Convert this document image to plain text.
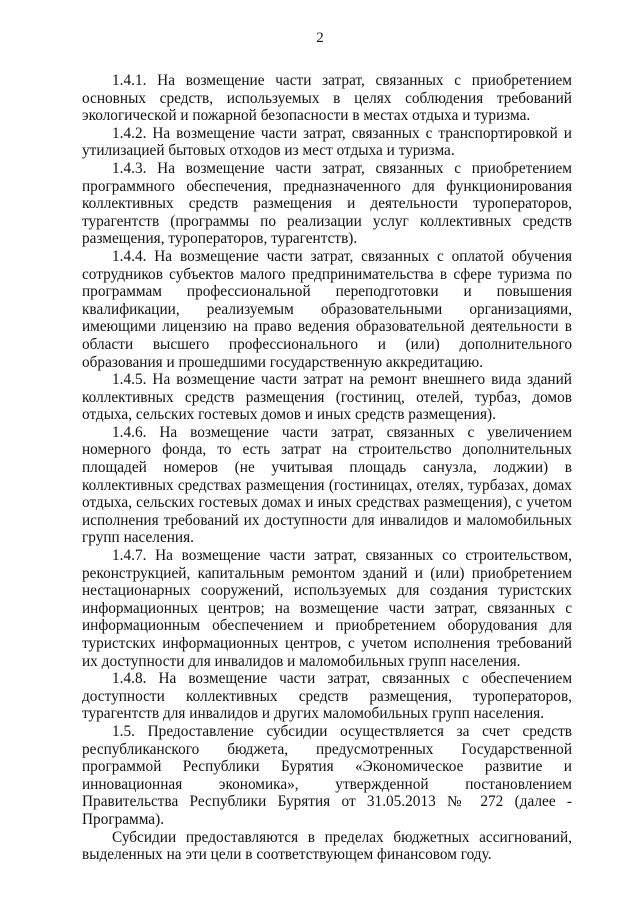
2

1.4.1. На возмещение части затрат, связанных с приобретением основных средств, используемых в целях соблюдения требований экологической и пожарной безопасности в местах отдыха и туризма.

1.4.2. На возмещение части затрат, связанных с транспортировкой и утилизацией бытовых отходов из мест отдыха и туризма.

1.4.3. На возмещение части затрат, связанных с приобретением программного обеспечения, предназначенного для функционирования коллективных средств размещения и деятельности туроператоров, турагентств (программы по реализации услуг коллективных средств размещения, туроператоров, турагентств).

1.4.4. На возмещение части затрат, связанных с оплатой обучения сотрудников субъектов малого предпринимательства в сфере туризма по программам профессиональной переподготовки и повышения квалификации, реализуемым образовательными организациями, имеющими лицензию на право ведения образовательной деятельности в области высшего профессионального и (или) дополнительного образования и прошедшими государственную аккредитацию.

1.4.5. На возмещение части затрат на ремонт внешнего вида зданий коллективных средств размещения (гостиниц, отелей, турбаз, домов отдыха, сельских гостевых домов и иных средств размещения).

1.4.6. На возмещение части затрат, связанных с увеличением номерного фонда, то есть затрат на строительство дополнительных площадей номеров (не учитывая площадь санузла, лоджии) в коллективных средствах размещения (гостиницах, отелях, турбазах, домах отдыха, сельских гостевых домах и иных средствах размещения), с учетом исполнения требований их доступности для инвалидов и маломобильных групп населения.

1.4.7. На возмещение части затрат, связанных со строительством, реконструкцией, капитальным ремонтом зданий и (или) приобретением нестационарных сооружений, используемых для создания туристских информационных центров; на возмещение части затрат, связанных с информационным обеспечением и приобретением оборудования для туристских информационных центров, с учетом исполнения требований их доступности для инвалидов и маломобильных групп населения.

1.4.8. На возмещение части затрат, связанных с обеспечением доступности коллективных средств размещения, туроператоров, турагентств для инвалидов и других маломобильных групп населения.

1.5. Предоставление субсидии осуществляется за счет средств республиканского бюджета, предусмотренных Государственной программой Республики Бурятия «Экономическое развитие и инновационная экономика», утвержденной постановлением Правительства Республики Бурятия от 31.05.2013 № 272 (далее - Программа).

Субсидии предоставляются в пределах бюджетных ассигнований, выделенных на эти цели в соответствующем финансовом году.
